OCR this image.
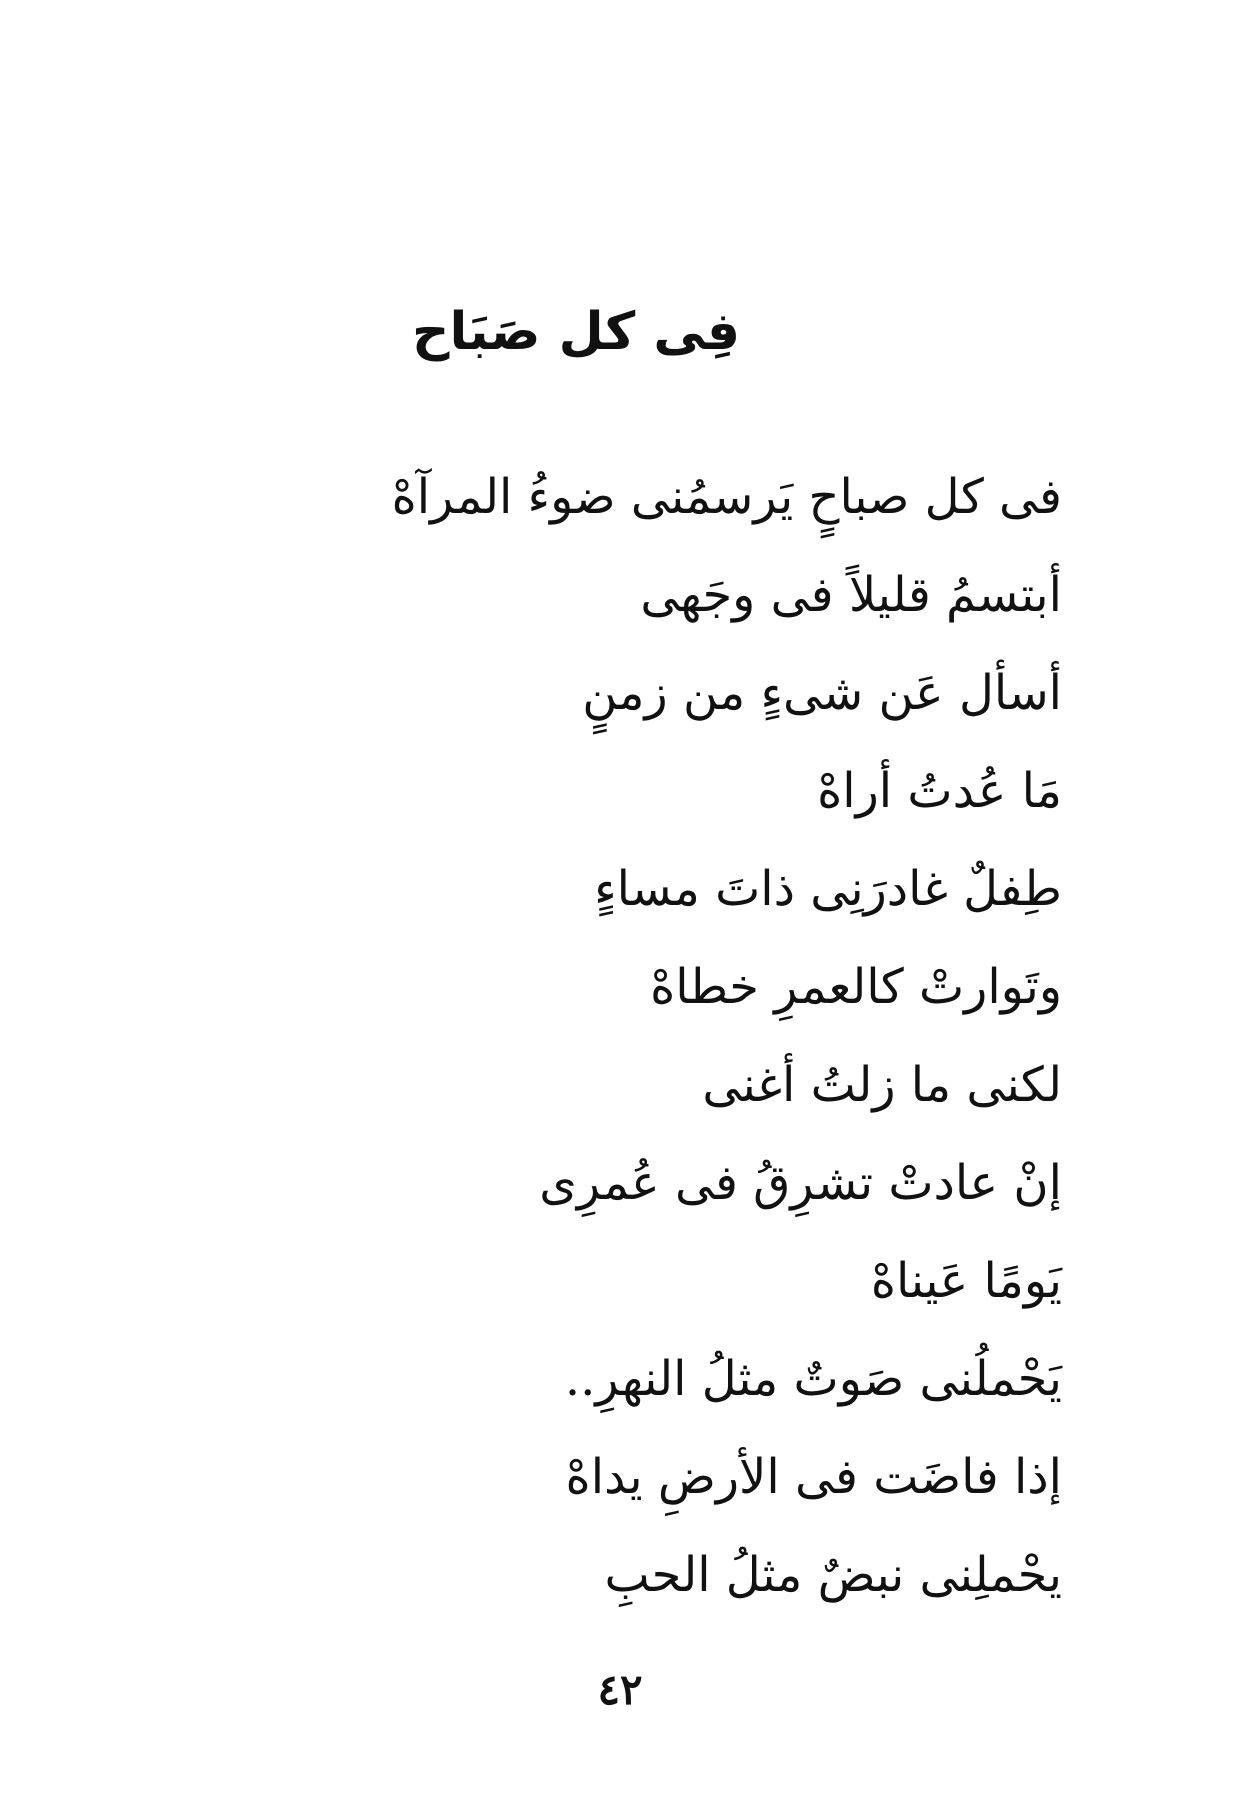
فِى كل صَبَاح
فى كل صباحٍ يَرسمُنى ضوءُ المرآهْ
أبتسمُ قليلاً فى وجَهى
أسأل عَن شىءٍ من زمنٍ
مَا عُدتُ أراهْ
طِفلٌ غادرَنِى ذاتَ مساءٍ
وتَوارتْ كالعمرِ خطاهْ
لكنى ما زلتُ أغنى
إنْ عادتْ تشرِقُ فى عُمرِى
يَومًا عَيناهْ
يَحْملُنى صَوتٌ مثلُ النهرِ..
إذا فاضَت فى الأرضِ يداهْ
يحْملِنى نبضٌ مثلُ الحبِ
٤٢
